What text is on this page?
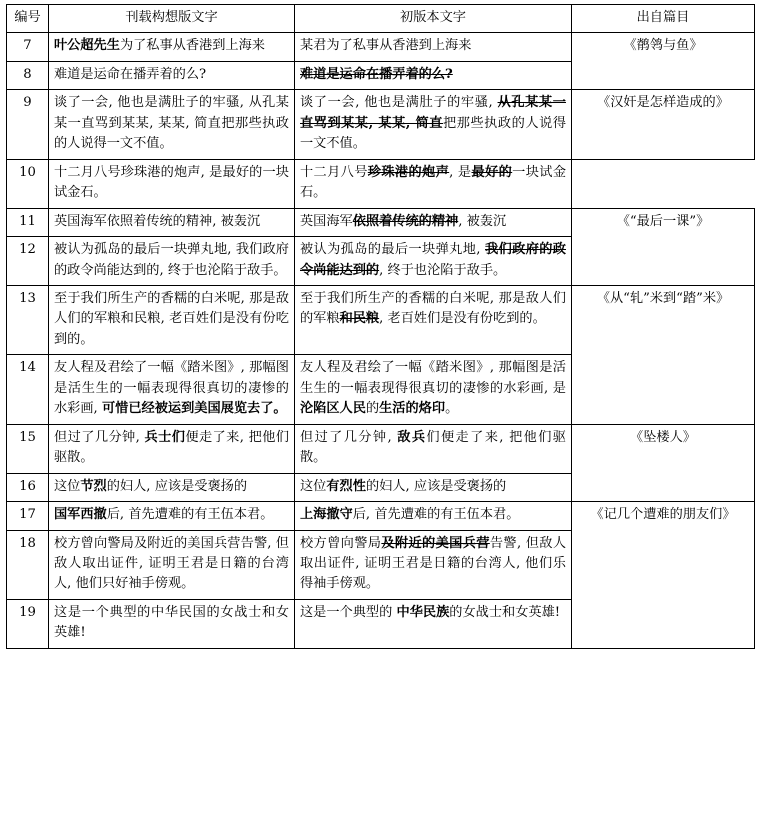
编号	刊载构想版文字	初版本文字	出自篇目
7	叶公超先生为了私事从香港到上海来	某君为了私事从香港到上海来	《鹡鸰与鱼》
8	难道是运命在播弄着的么?	难道是运命在播弄着的么?	
9	谈了一会, 他也是满肚子的牢骚, 从孔某某一直骂到某某, 某某, 简直把那些执政的人说得一文不值。	谈了一会, 他也是满肚子的牢骚, 从孔某某一直骂到某某, 某某, 简直把那些执政的人说得一文不值。	《汉奸是怎样造成的》
10	十二月八号珍珠港的炮声, 是最好的一块试金石。	十二月八号珍珠港的炮声, 是最好的一块试金石。	
11	英国海军依照着传统的精神, 被轰沉	英国海军依照着传统的精神, 被轰沉	《“最后一课”》
12	被认为孤岛的最后一块弹丸地, 我们政府的政令尚能达到的, 终于也沦陷于敌手。	被认为孤岛的最后一块弹丸地, 我们政府的政令尚能达到的, 终于也沦陷于敌手。	
13	至于我们所生产的香糯的白米呢, 那是敌人们的军粮和民粮, 老百姓们是没有份吃到的。	至于我们所生产的香糯的白米呢, 那是敌人们的军粮和民粮, 老百姓们是没有份吃到的。	《从“轧”米到“踏”米》
14	友人程及君绘了一幅《踏米图》, 那幅图是活生生的一幅表现得很真切的凄惨的水彩画, 可惜已经被运到美国展览去了。	友人程及君绘了一幅《踏米图》, 那幅图是活生生的一幅表现得很真切的凄惨的水彩画, 是沦陷区人民的生活的烙印。	
15	但过了几分钟, 兵士们便走了来, 把他们驱散。	但过了几分钟, 敌兵们便走了来, 把他们驱散。	《坠楼人》
16	这位节烈的妇人, 应该是受褒扬的	这位有烈性的妇人, 应该是受褒扬的	
17	国军西撤后, 首先遭难的有王伍本君。	上海撤守后, 首先遭难的有王伍本君。	《记几个遭难的朋友们》
18	校方曾向警局及附近的美国兵营告警, 但敌人取出证件, 证明王君是日籍的台湾人, 他们只好袖手傍观。	校方曾向警局及附近的美国兵营告警, 但敌人取出证件, 证明王君是日籍的台湾人, 他们乐得袖手傍观。	
19	这是一个典型的中华民国的女战士和女英雄!	这是一个典型的 中华民族的女战士和女英雄!	
